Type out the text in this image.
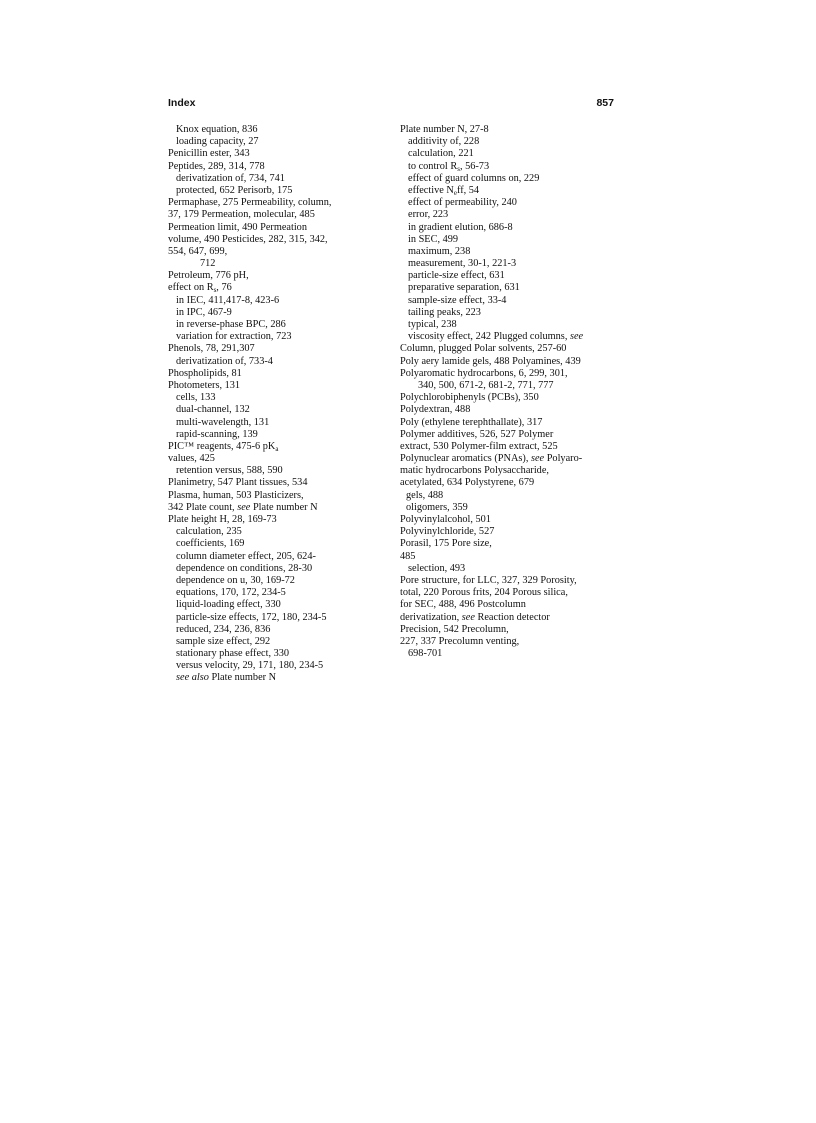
Index	857
Knox equation, 836
loading capacity, 27
Penicillin ester, 343
Peptides, 289, 314, 778
derivatization of, 734, 741
protected, 652 Perisorb, 175
Permaphase, 275 Permeability, column,
37, 179 Permeation, molecular, 485
Permeation limit, 490 Permeation
volume, 490 Pesticides, 282, 315, 342,
554, 647, 699,
712
Petroleum, 776 pH,
effect on $R_s$, 76
in IEC, 411,417-8, 423-6
in IPC, 467-9
in reverse-phase BPC, 286
variation for extraction, 723
Phenols, 78, 291,307
derivatization of, 733-4
Phospholipids, 81
Photometers, 131
cells, 133
dual-channel, 132
multi-wavelength, 131
rapid-scanning, 139
PIC™ reagents, 475-6 $pK_a$
values, 425
retention versus, 588, 590
Planimetry, 547 Plant tissues, 534
Plasma, human, 503 Plasticizers,
342 Plate count, see Plate number N
Plate height H, 28, 169-73
calculation, 235
coefficients, 169
column diameter effect, 205, 624-
dependence on conditions, 28-30
dependence on u, 30, 169-72
equations, 170, 172, 234-5
liquid-loading effect, 330
particle-size effects, 172, 180, 234-5
reduced, 234, 236, 836
sample size effect, 292
stationary phase effect, 330
versus velocity, 29, 171, 180, 234-5
see also Plate number N
Plate number N, 27-8
additivity of, 228
calculation, 221
to control $R_s$, 56-73
effect of guard columns on, 229
effective $N_eff$, 54
effect of permeability, 240
error, 223
in gradient elution, 686-8
in SEC, 499
maximum, 238
measurement, 30-1, 221-3
particle-size effect, 631
preparative separation, 631
sample-size effect, 33-4
tailing peaks, 223
typical, 238
viscosity effect, 242 Plugged columns, see
Column, plugged Polar solvents, 257-60
Poly aery lamide gels, 488 Polyamines, 439
Polyaromatic hydrocarbons, 6, 299, 301,
340, 500, 671-2, 681-2, 771, 777
Polychlorobiphenyls (PCBs), 350
Polydextran, 488
Poly (ethylene terephthallate), 317
Polymer additives, 526, 527 Polymer
extract, 530 Polymer-film extract, 525
Polynuclear aromatics (PNAs), see Polyaro-
matic hydrocarbons Polysaccharide,
acetylated, 634 Polystyrene, 679
gels, 488
oligomers, 359
Polyvinylalcohol, 501
Polyvinylchloride, 527
Porasil, 175 Pore size,
485
selection, 493
Pore structure, for LLC, 327, 329 Porosity,
total, 220 Porous frits, 204 Porous silica,
for SEC, 488, 496 Postcolumn
derivatization, see Reaction detector
Precision, 542 Precolumn,
227, 337 Precolumn venting,
698-701
